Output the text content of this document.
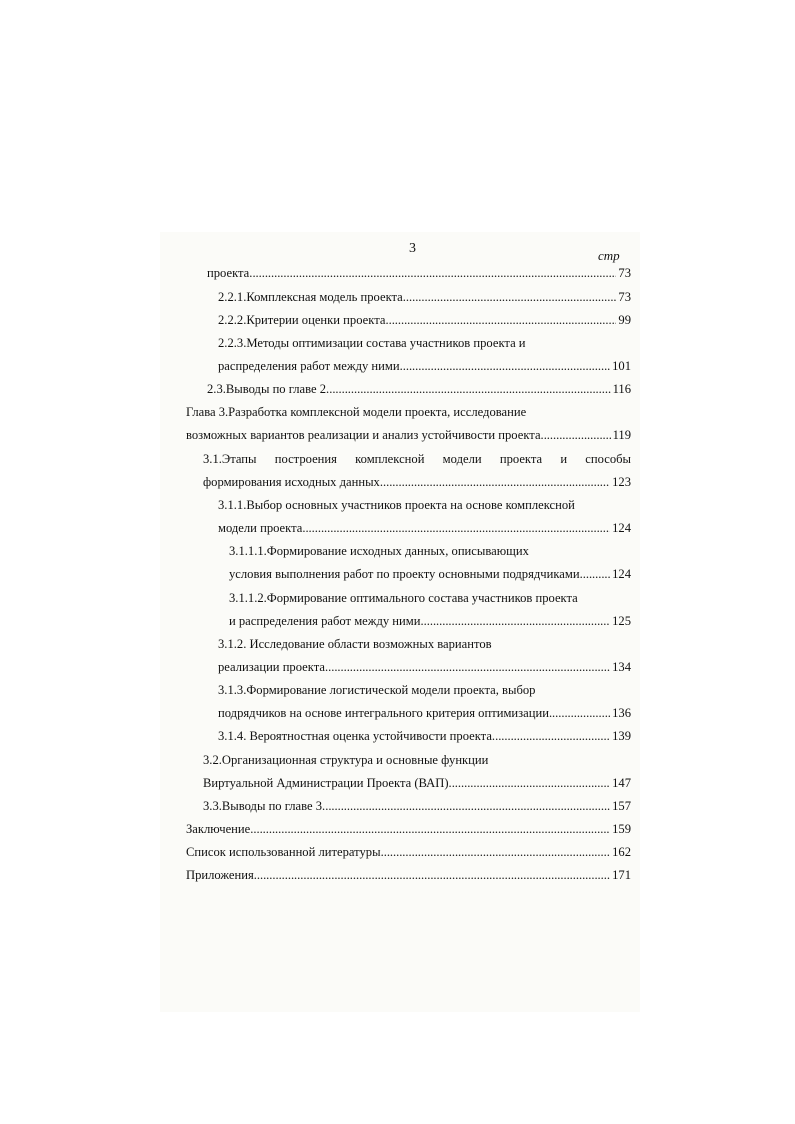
3	стр
проекта. . . .	73
2.2.1.Комплексная модель проекта. . . .	73
2.2.2.Критерии оценки проекта. . . .	99
2.2.3.Методы оптимизации состава участников проекта и
распределения работ между ними. . . .	101
2.3.Выводы по главе 2. . . .	116
Глава 3.Разработка комплексной модели проекта, исследование
возможных вариантов реализации и анализ устойчивости проекта. . . .	119
3.1.Этапы построения комплексной модели проекта и способы
формирования исходных данных. . . .	123
3.1.1.Выбор основных участников проекта на основе комплексной
модели проекта . . .	124
3.1.1.1.Формирование исходных данных, описывающих
условия выполнения работ по проекту основными подрядчиками. . . . 124
3.1.1.2.Формирование оптимального состава участников проекта
и распределения работ между ними. . . .	125
3.1.2. Исследование области возможных вариантов
реализации проекта. . . .	134
3.1.3.Формирование логистической модели проекта, выбор
подрядчиков на основе интегрального критерия оптимизации . . .	136
3.1.4. Вероятностная оценка устойчивости проекта. . . .	139
3.2.Организационная структура и основные функции
Виртуальной Администрации Проекта (ВАП). . . .	147
3.3.Выводы по главе 3. . . .	157
Заключение. . . .	159
Список использованной литературы. . . .	162
Приложения . . .	171
